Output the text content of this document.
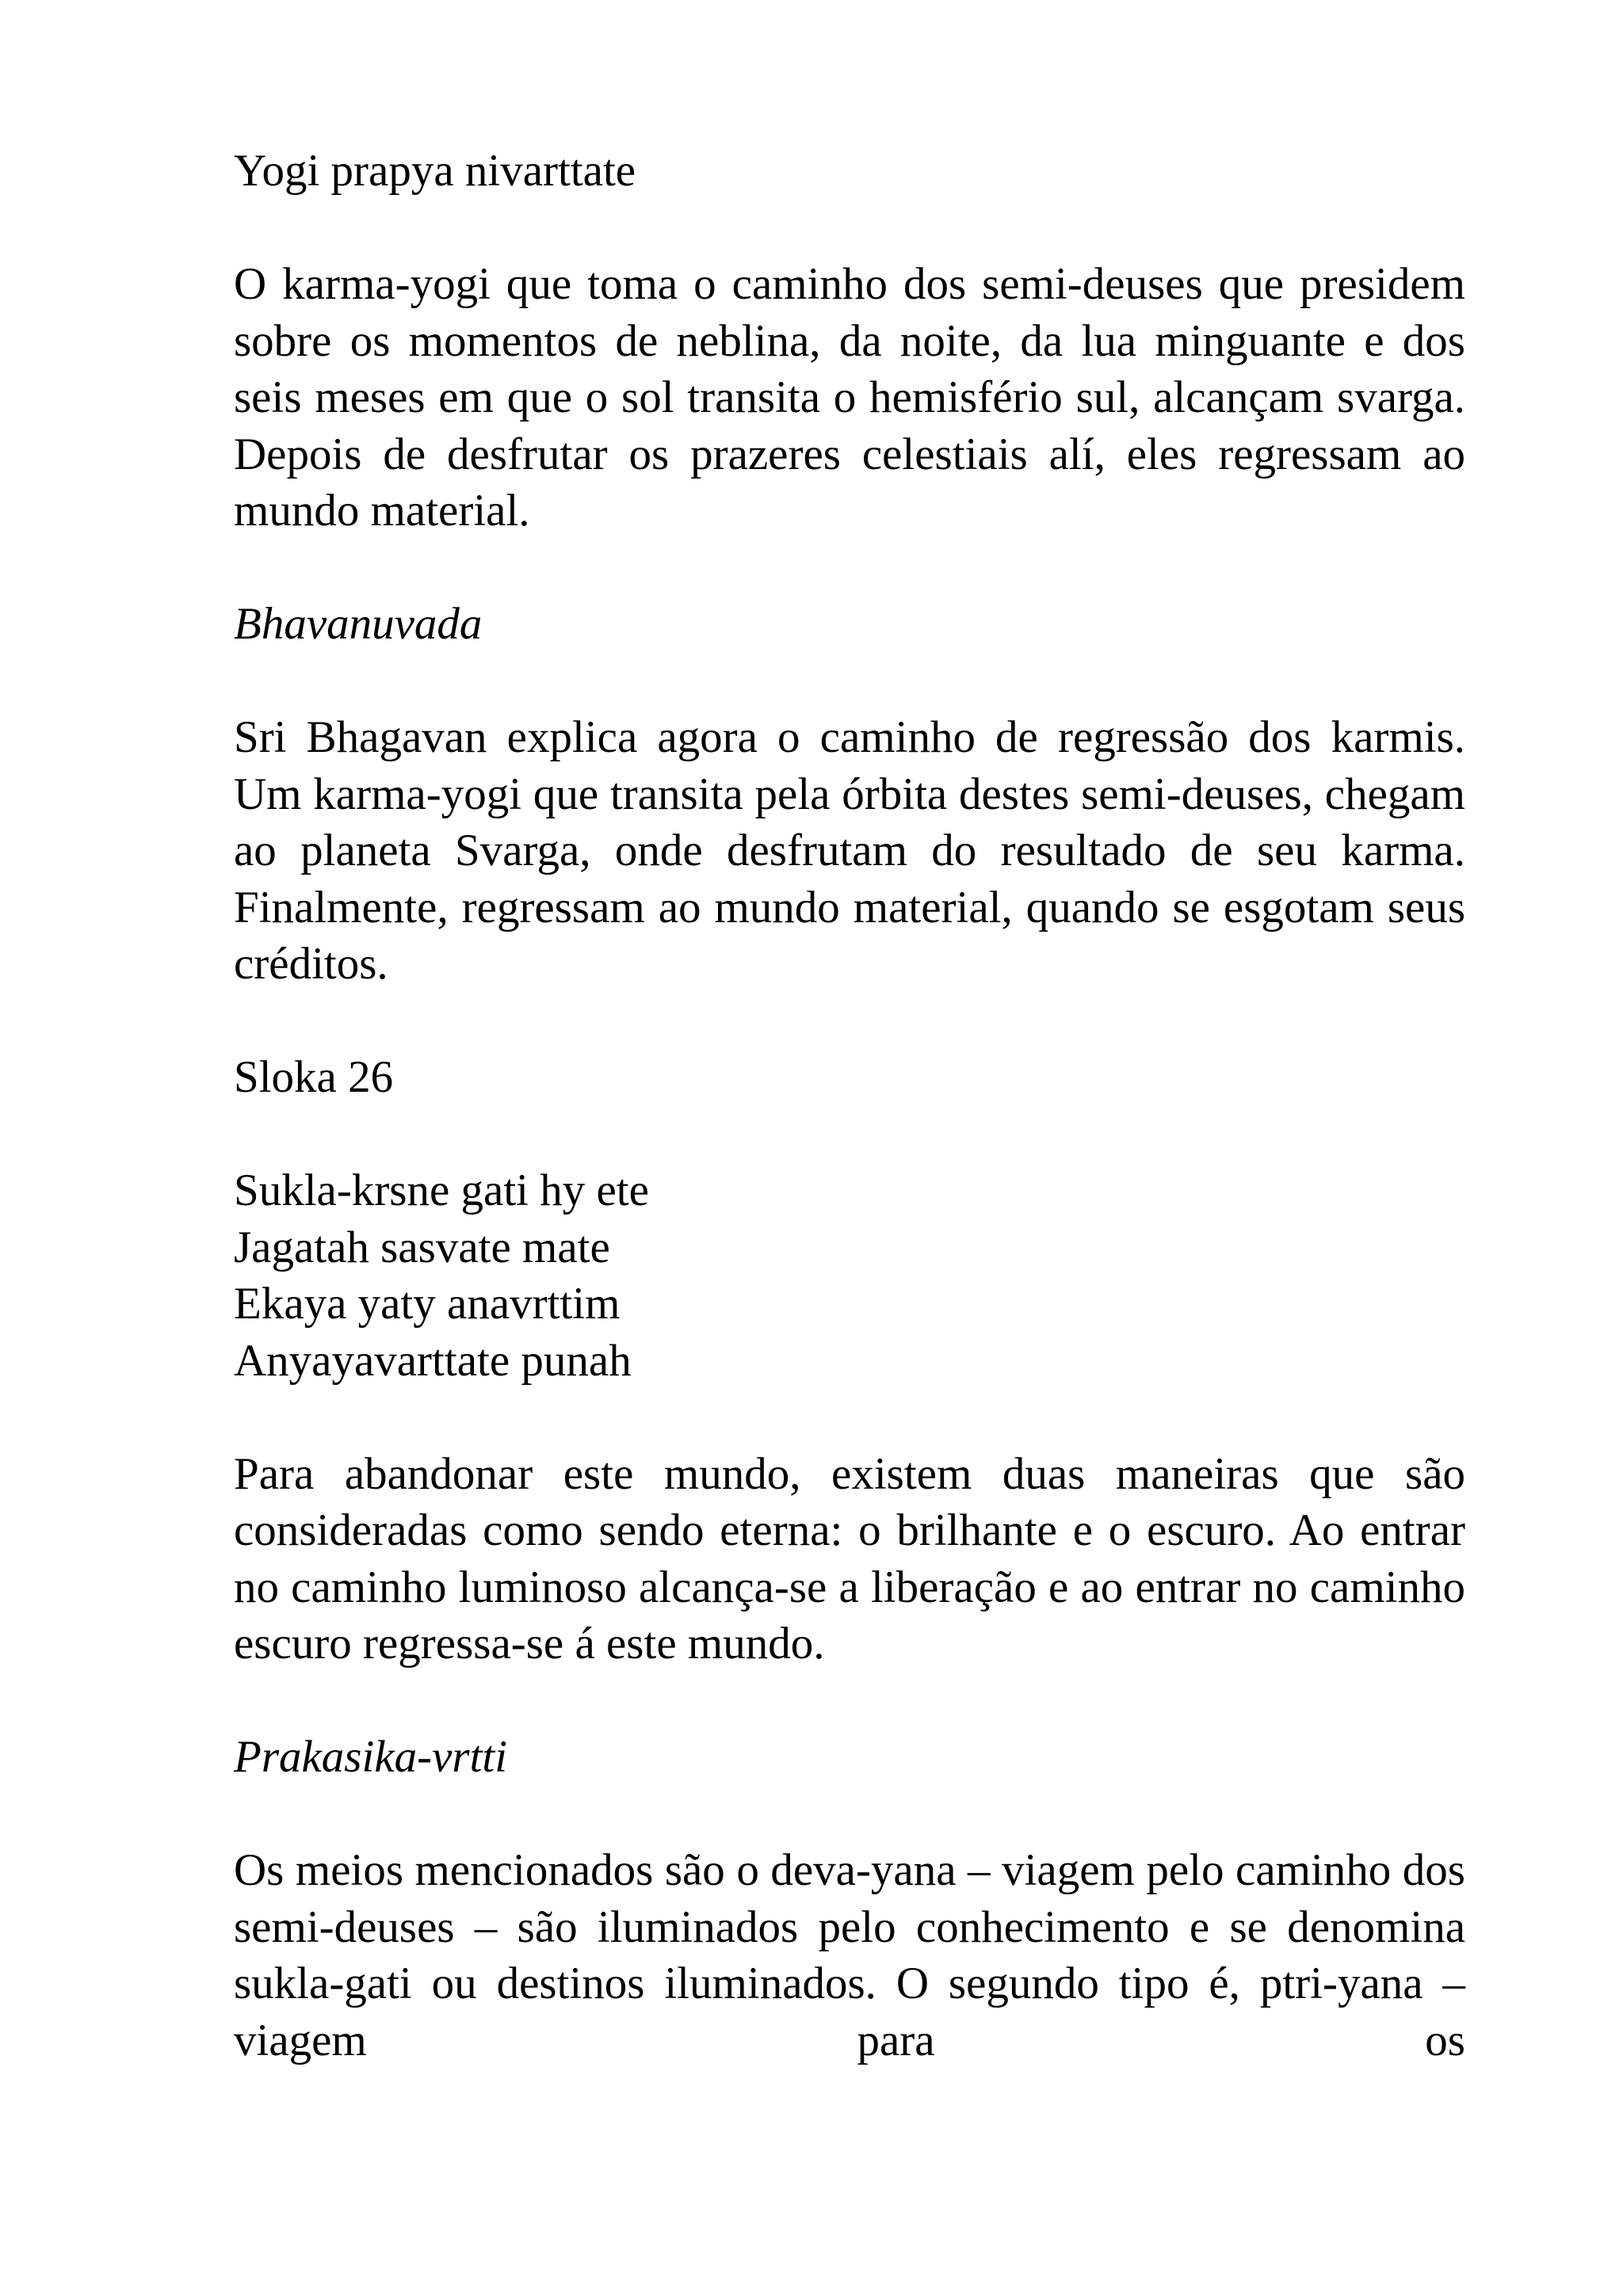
Yogi prapya nivarttate
O karma-yogi que toma o caminho dos semi-deuses que presidem sobre os momentos de neblina, da noite, da lua minguante e dos seis meses em que o sol transita o hemisfério sul, alcançam svarga. Depois de desfrutar os prazeres celestiais alí, eles regressam ao mundo material.
Bhavanuvada
Sri Bhagavan explica agora o caminho de regressão dos karmis. Um karma-yogi que transita pela órbita destes semi-deuses, chegam ao planeta Svarga, onde desfrutam do resultado de seu karma. Finalmente, regressam ao mundo material, quando se esgotam seus créditos.
Sloka 26
Sukla-krsne gati hy ete
Jagatah sasvate mate
Ekaya yaty anavrttim
Anyayavarttate punah
Para abandonar este mundo, existem duas maneiras que são consideradas como sendo eterna: o brilhante e o escuro. Ao entrar no caminho luminoso alcança-se a liberação e ao entrar no caminho escuro regressa-se á este mundo.
Prakasika-vrtti
Os meios mencionados são o deva-yana – viagem pelo caminho dos semi-deuses – são iluminados pelo conhecimento e se denomina sukla-gati ou destinos iluminados. O segundo tipo é, ptri-yana – viagem para os
